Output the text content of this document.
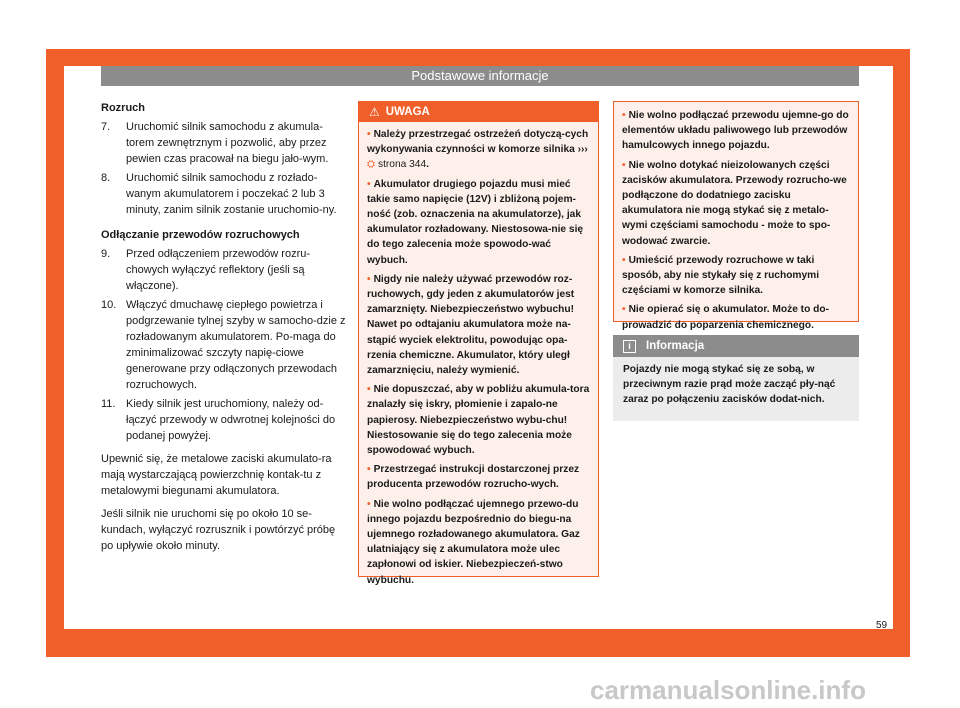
Podstawowe informacje
Rozruch
7.	Uruchomić silnik samochodu z akumula-torem zewnętrznym i pozwolić, aby przez pewien czas pracował na biegu jało-wym.
8.	Uruchomić silnik samochodu z rozłado-wanym akumulatorem i poczekać 2 lub 3 minuty, zanim silnik zostanie uruchomio-ny.
Odłączanie przewodów rozruchowych
9.	Przed odłączeniem przewodów rozru-chowych wyłączyć reflektory (jeśli są włączone).
10. Włączyć dmuchawę ciepłego powietrza i podgrzewanie tylnej szyby w samocho-dzie z rozładowanym akumulatorem. Po-maga do zminimalizować szczyty napię-ciowe generowane przy odłączonych przewodach rozruchowych.
11. Kiedy silnik jest uruchomiony, należy od-łączyć przewody w odwrotnej kolejności do podanej powyżej.

Upewnić się, że metalowe zaciski akumulato-ra mają wystarczającą powierzchnię kontak-tu z metalowymi biegunami akumulatora.

Jeśli silnik nie uruchomi się po około 10 se-kundach, wyłączyć rozrusznik i powtórzyć próbę po upływie około minuty.

⚠ UWAGA
• Należy przestrzegać ostrzeżeń dotyczą-cych wykonywania czynności w komorze silnika ››› ⛭ strona 344.
• Akumulator drugiego pojazdu musi mieć takie samo napięcie (12V) i zbliżoną pojem-ność (zob. oznaczenia na akumulatorze), jak akumulator rozładowany. Niestosowa-nie się do tego zalecenia może spowodo-wać wybuch.
• Nigdy nie należy używać przewodów roz-ruchowych, gdy jeden z akumulatorów jest zamarznięty. Niebezpieczeństwo wybuchu! Nawet po odtajaniu akumulatora może na-stąpić wyciek elektrolitu, powodując opa-rzenia chemiczne. Akumulator, który uległ zamarznięciu, należy wymienić.
• Nie dopuszczać, aby w pobliżu akumula-tora znalazły się iskry, płomienie i zapalo-ne papierosy. Niebezpieczeństwo wybu-chu! Niestosowanie się do tego zalecenia może spowodować wybuch.
• Przestrzegać instrukcji dostarczonej przez producenta przewodów rozrucho-wych.
• Nie wolno podłączać ujemnego przewo-du innego pojazdu bezpośrednio do biegu-na ujemnego rozładowanego akumulatora. Gaz ulatniający się z akumulatora może ulec zapłonowi od iskier. Niebezpieczeń-stwo wybuchu.
• Nie wolno podłączać przewodu ujemne-go do elementów układu paliwowego lub przewodów hamulcowych innego pojazdu.
• Nie wolno dotykać nieizolowanych części zacisków akumulatora. Przewody rozrucho-we podłączone do dodatniego zacisku akumulatora nie mogą stykać się z metalo-wymi częściami samochodu - może to spo-wodować zwarcie.
• Umieścić przewody rozruchowe w taki sposób, aby nie stykały się z ruchomymi częściami w komorze silnika.
• Nie opierać się o akumulator. Może to do-prowadzić do poparzenia chemicznego.
i	Informacja
Pojazdy nie mogą stykać się ze sobą, w przeciwnym razie prąd może zacząć pły-nąć zaraz po połączeniu zacisków dodat-nich.
59
carmanualsonline.info
